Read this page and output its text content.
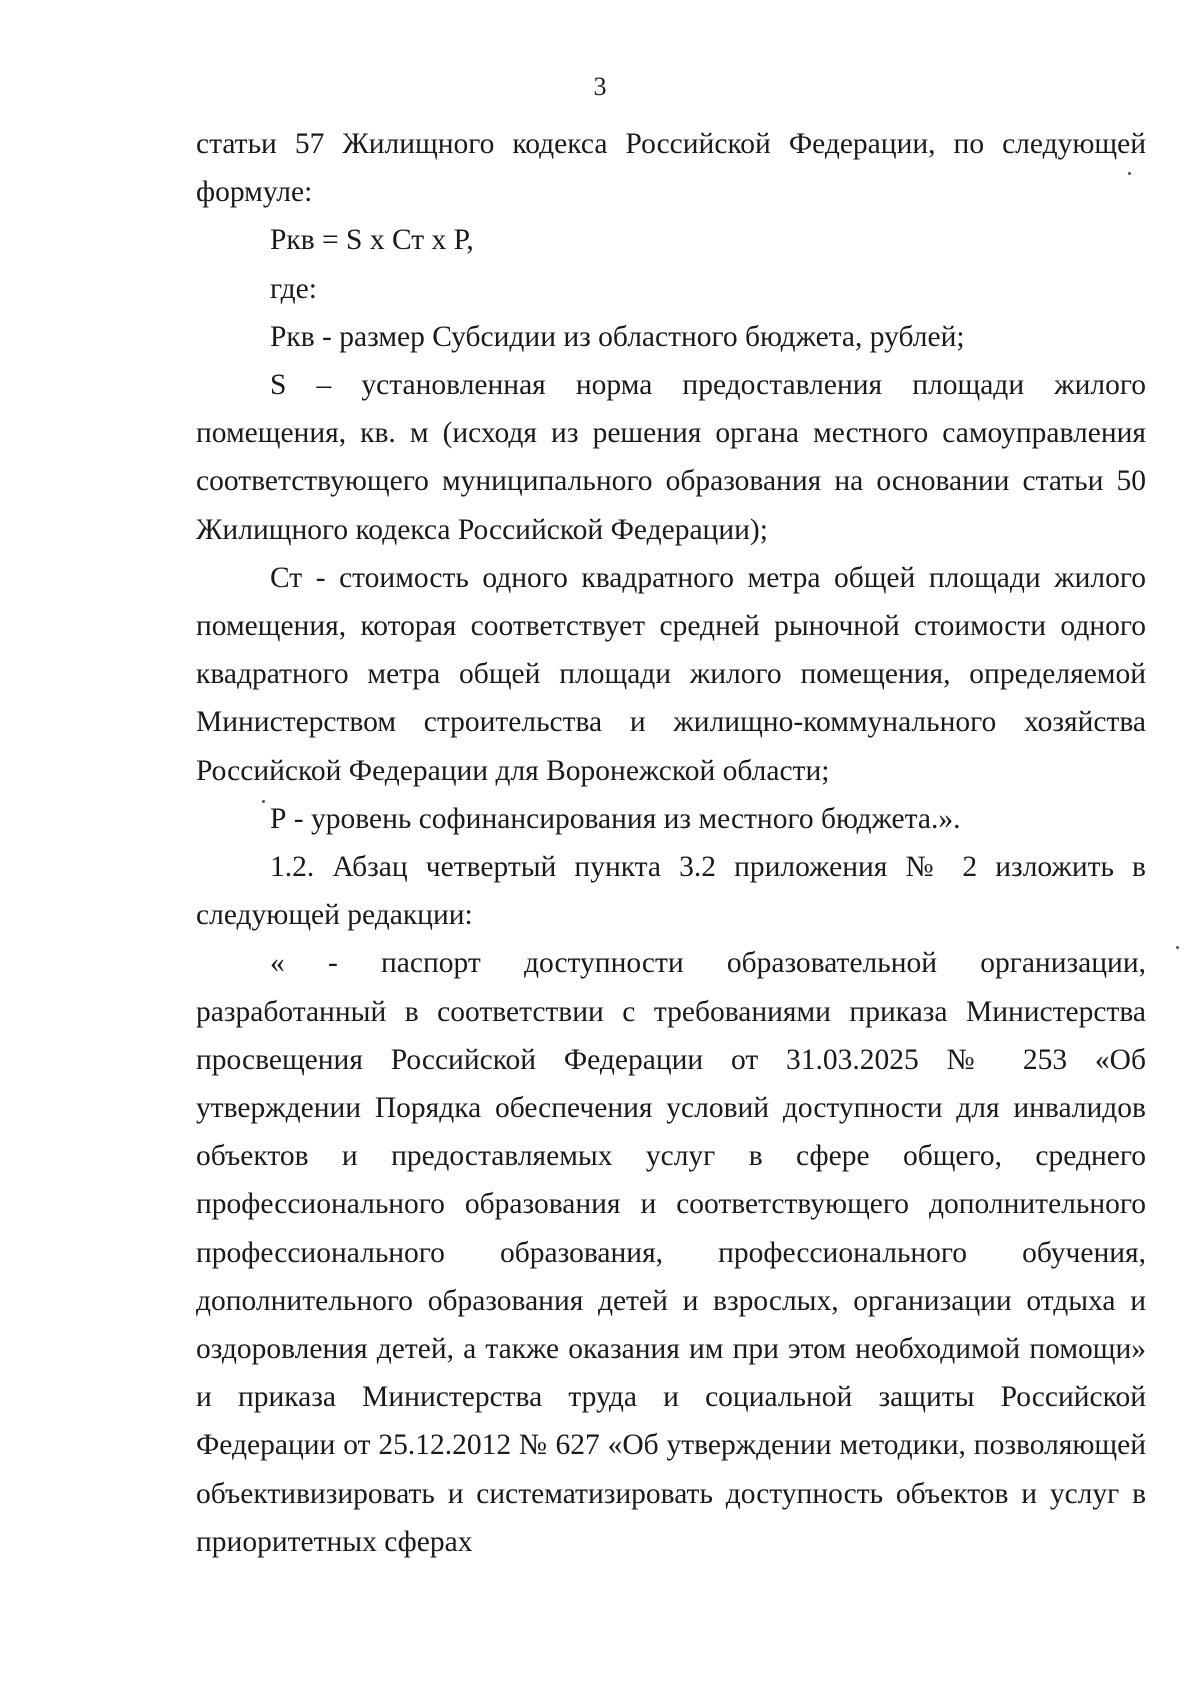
3

статьи 57 Жилищного кодекса Российской Федерации, по следующей формуле:

Ркв = S x Ст x Р,

где:

Ркв - размер Субсидии из областного бюджета, рублей;

S – установленная норма предоставления площади жилого помещения, кв. м (исходя из решения органа местного самоуправления соответствующего муниципального образования на основании статьи 50 Жилищного кодекса Российской Федерации);

Ст - стоимость одного квадратного метра общей площади жилого помещения, которая соответствует средней рыночной стоимости одного квадратного метра общей площади жилого помещения, определяемой Министерством строительства и жилищно-коммунального хозяйства Российской Федерации для Воронежской области;

Р - уровень софинансирования из местного бюджета.».

1.2. Абзац четвертый пункта 3.2 приложения № 2 изложить в следующей редакции:

« - паспорт доступности образовательной организации, разработанный в соответствии с требованиями приказа Министерства просвещения Российской Федерации от 31.03.2025 № 253 «Об утверждении Порядка обеспечения условий доступности для инвалидов объектов и предоставляемых услуг в сфере общего, среднего профессионального образования и соответствующего дополнительного профессионального образования, профессионального обучения, дополнительного образования детей и взрослых, организации отдыха и оздоровления детей, а также оказания им при этом необходимой помощи» и приказа Министерства труда и социальной защиты Российской Федерации от 25.12.2012 № 627 «Об утверждении методики, позволяющей объективизировать и систематизировать доступность объектов и услуг в приоритетных сферах
